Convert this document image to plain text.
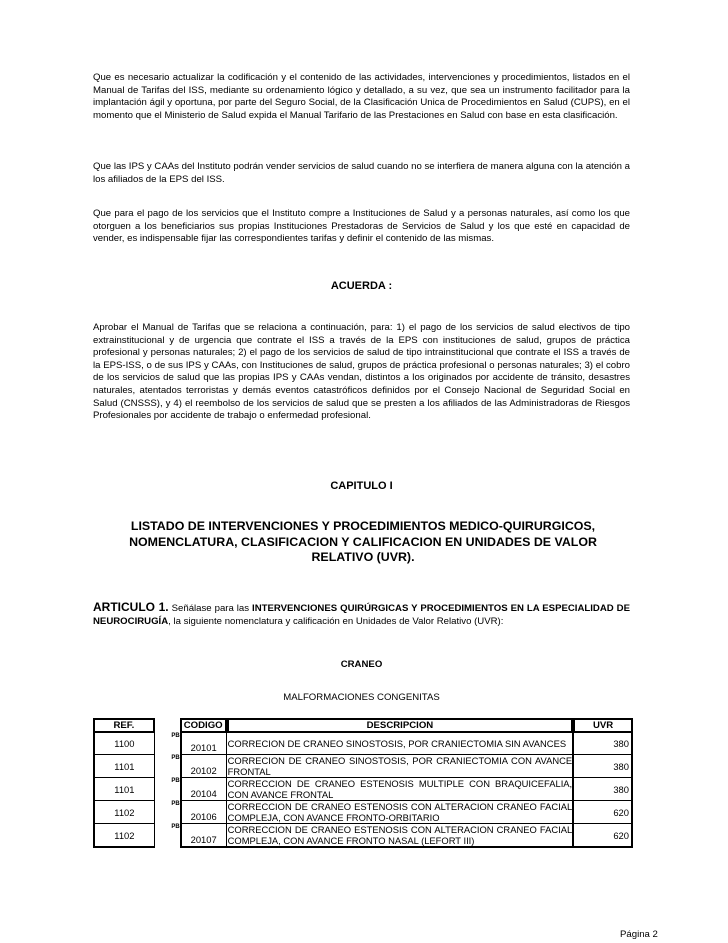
Que es necesario actualizar la codificación y el contenido de las actividades, intervenciones y procedimientos, listados en el Manual de Tarifas del ISS, mediante su ordenamiento lógico y detallado, a su vez, que sea un instrumento facilitador para la implantación ágil y oportuna, por parte del Seguro Social, de la Clasificación Unica de Procedimientos en Salud (CUPS), en el momento que el Ministerio de Salud expida el Manual Tarifario de las Prestaciones en Salud con base en esta clasificación.
Que las IPS y CAAs del Instituto podrán vender servicios de salud cuando no se interfiera de manera alguna con la atención a los afiliados de la EPS del ISS.
Que para el pago de los servicios que el Instituto compre a Instituciones de Salud y a personas naturales, así como los que otorguen a los beneficiarios sus propias Instituciones Prestadoras de Servicios de Salud y los que esté en capacidad de vender, es indispensable fijar las correspondientes tarifas y definir el contenido de las mismas.
ACUERDA :
Aprobar el Manual de Tarifas que se relaciona a continuación, para: 1) el pago de los servicios de salud electivos de tipo extrainstitucional y de urgencia que contrate el ISS a través de la EPS con instituciones de salud, grupos de práctica profesional y personas naturales; 2) el pago de los servicios de salud de tipo intrainstitucional que contrate el ISS a través de la EPS-ISS, o de sus IPS y CAAs, con Instituciones de salud, grupos de práctica profesional o personas naturales; 3) el cobro de los servicios de salud que las propias IPS y CAAs vendan, distintos a los originados por accidente de tránsito, desastres naturales, atentados terroristas y demás eventos catastróficos definidos por el Consejo Nacional de Seguridad Social en Salud (CNSSS), y 4) el reembolso de los servicios de salud que se presten a los afiliados de las Administradoras de Riesgos Profesionales por accidente de trabajo o enfermedad profesional.
CAPITULO I
LISTADO DE INTERVENCIONES Y PROCEDIMIENTOS MEDICO-QUIRURGICOS, NOMENCLATURA, CLASIFICACION Y CALIFICACION EN UNIDADES DE VALOR RELATIVO (UVR).
ARTICULO 1. Señálase para las INTERVENCIONES QUIRÚRGICAS Y PROCEDIMIENTOS EN LA ESPECIALIDAD DE NEUROCIRUGÍA, la siguiente nomenclatura y calificación en Unidades de Valor Relativo (UVR):
CRANEO
MALFORMACIONES CONGENITAS
REF.		CODIGO	DESCRIPCION	UVR
1100	PB	20101	CORRECION DE CRANEO SINOSTOSIS, POR CRANIECTOMIA SIN AVANCES	380
1101	PB	20102	CORRECION DE CRANEO SINOSTOSIS, POR CRANIECTOMIA CON AVANCE FRONTAL	380
1101	PB	20104	CORRECCION DE CRANEO ESTENOSIS MULTIPLE CON BRAQUICEFALIA, CON AVANCE FRONTAL	380
1102	PB	20106	CORRECCION DE CRANEO ESTENOSIS CON ALTERACION CRANEO FACIAL COMPLEJA, CON AVANCE FRONTO-ORBITARIO	620
1102	PB	20107	CORRECCION DE CRANEO ESTENOSIS CON ALTERACION CRANEO FACIAL COMPLEJA, CON AVANCE FRONTO NASAL (LEFORT III)	620
Página 2
